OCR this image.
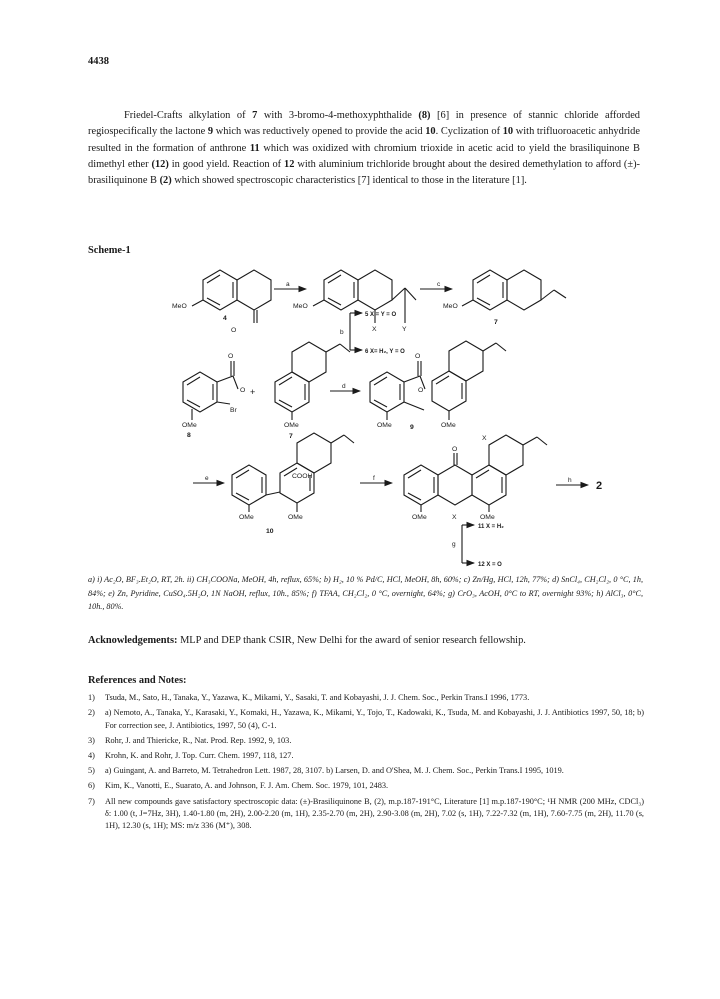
4438

Friedel-Crafts alkylation of 7 with 3-bromo-4-methoxyphthalide (8) [6] in presence of stannic chloride afforded regiospecifically the lactone 9 which was reductively opened to provide the acid 10. Cyclization of 10 with trifluoroacetic anhydride resulted in the formation of anthrone 11 which was oxidized with chromium trioxide in acetic acid to yield the brasiliquinone B dimethyl ether (12) in good yield. Reaction of 12 with aluminium trichloride brought about the desired demethylation to afford (±)-brasiliquinone B (2) which showed spectroscopic characteristics [7] identical to those in the literature [1].

Scheme-1
MeO
O
4
MeO
X	Y
MeO
7
a	c
b
5 X = Y = O
6 X= H₂, Y = O
O
O
Br
OMe
8
+
OMe
7
d
O
O
OMe	OMe
9
e	COOH
OMe	OMe
10
f
O
X
OMe	X	OMe
h 2
g
11 X = H₂
12 X = O

a) i) Ac₂O, BF₃.Et₂O, RT, 2h. ii) CH₃COONa, MeOH, 4h, reflux, 65%; b) H₂, 10 % Pd/C, HCl, MeOH, 8h, 60%; c) Zn/Hg, HCl, 12h, 77%; d) SnCl₄, CH₂Cl₂, 0 °C, 1h, 84%; e) Zn, Pyridine, CuSO₄.5H₂O, 1N NaOH, reflux, 10h., 85%; f) TFAA, CH₂Cl₂, 0 °C, overnight, 64%; g) CrO₃, AcOH, 0°C to RT, overnight 93%; h) AlCl₃, 0°C, 10h., 80%.

Acknowledgements: MLP and DEP thank CSIR, New Delhi for the award of senior research fellowship.

References and Notes:
1) Tsuda, M., Sato, H., Tanaka, Y., Yazawa, K., Mikami, Y., Sasaki, T. and Kobayashi, J. J. Chem. Soc., Perkin Trans.I 1996, 1773.
2) a) Nemoto, A., Tanaka, Y., Karasaki, Y., Komaki, H., Yazawa, K., Mikami, Y., Tojo, T., Kadowaki, K., Tsuda, M. and Kobayashi, J. J. Antibiotics 1997, 50, 18; b) For correction see, J. Antibiotics, 1997, 50 (4), C-1.
3) Rohr, J. and Thiericke, R., Nat. Prod. Rep. 1992, 9, 103.
4) Krohn, K. and Rohr, J. Top. Curr. Chem. 1997, 118, 127.
5) a) Guingant, A. and Barreto, M. Tetrahedron Lett. 1987, 28, 3107. b) Larsen, D. and O'Shea, M. J. Chem. Soc., Perkin Trans.I 1995, 1019.
6) Kim, K., Vanotti, E., Suarato, A. and Johnson, F. J. Am. Chem. Soc. 1979, 101, 2483.
7) All new compounds gave satisfactory spectroscopic data: (±)-Brasiliquinone B, (2), m.p.187-191°C, Literature [1] m.p.187-190°C; ¹H NMR (200 MHz, CDCl₃) δ: 1.00 (t, J=7Hz, 3H), 1.40-1.80 (m, 2H), 2.00-2.20 (m, 1H), 2.35-2.70 (m, 2H), 2.90-3.08 (m, 2H), 7.02 (s, 1H), 7.22-7.32 (m, 1H), 7.60-7.75 (m, 2H), 11.70 (s, 1H), 12.30 (s, 1H); MS: m/z 336 (M⁺), 308.
